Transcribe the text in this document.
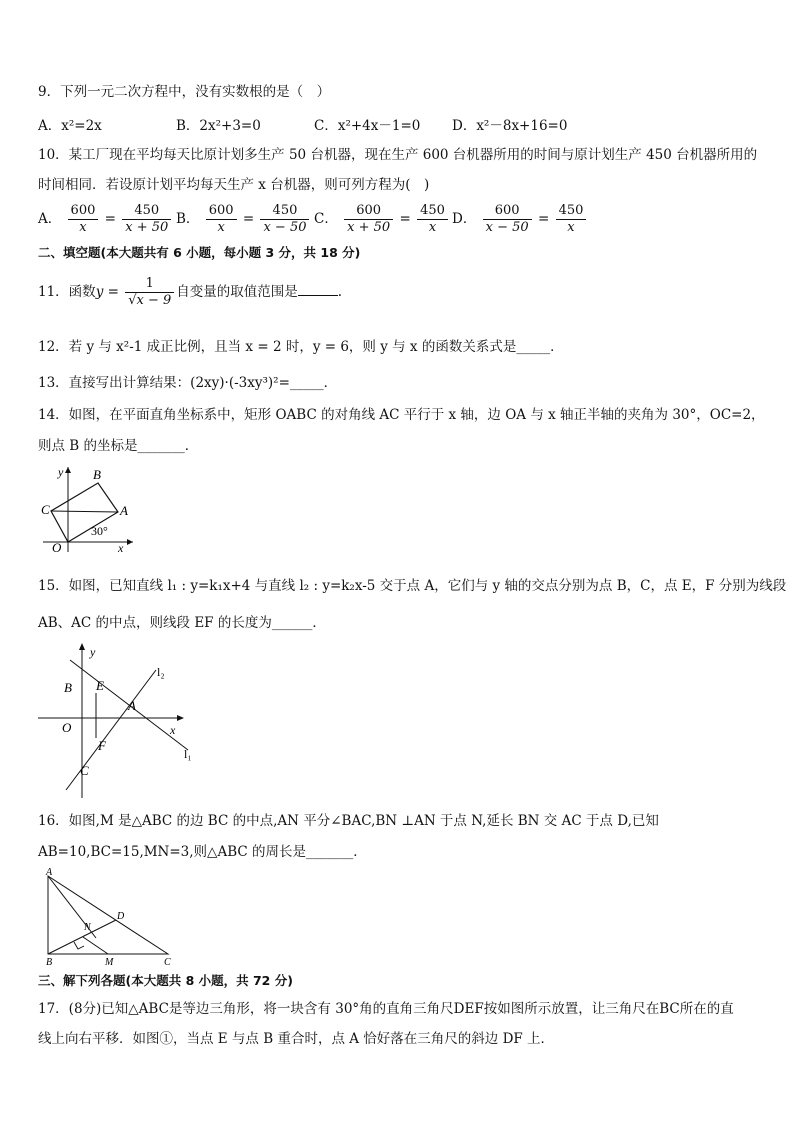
9．下列一元二次方程中，没有实数根的是（　）
A．x²=2x	B．2x²+3=0	C．x²+4x－1=0 D．x²－8x+16=0
10．某工厂现在平均每天比原计划多生产 50 台机器，现在生产 600 台机器所用的时间与原计划生产 450 台机器所用的
时间相同．若设原计划平均每天生产 x 台机器，则可列方程为(　)
A． $\frac{600}{x} = \frac{450}{x + 50}$ B． $\frac{600}{x} = \frac{450}{x - 50}$ C． $\frac{600}{x + 50} = \frac{450}{x}$ D． $\frac{600}{x - 50} = \frac{450}{x}$
二、填空题(本大题共有 6 小题，每小题 3 分，共 18 分)
11．函数$y = \frac{1}{√x - 9}$ 自变量的取值范围是	.
12．若 y 与 x²-1 成正比例，且当 x = 2 时，y = 6，则 y 与 x 的函数关系式是_____．
13．直接写出计算结果：(2xy)·(-3xy³)²=_____．
14．如图，在平面直角坐标系中，矩形 OABC 的对角线 AC 平行于 x 轴，边 OA 与 x 轴正半轴的夹角为 30°，OC=2，
则点 B 的坐标是_______．
y B
C	A
O	x
30°
15．如图，已知直线 l₁ : y=k₁x+4 与直线 l₂ : y=k₂x-5 交于点 A，它们与 y 轴的交点分别为点 B，C，点 E，F 分别为线段
AB、AC 的中点，则线段 EF 的长度为______．
y
l₂
B E
A
O	x
F
l₁
C
16．如图,M 是△ABC 的边 BC 的中点,AN 平分∠BAC,BN ⊥AN 于点 N,延长 BN 交 AC 于点 D,已知
AB=10,BC=15,MN=3,则△ABC 的周长是_______．
A
D
N
B	M	C
三、解下列各题(本大题共 8 小题，共 72 分)
17．(8分)已知△ABC是等边三角形，将一块含有 30°角的直角三角尺DEF按如图所示放置，让三角尺在BC所在的直
线上向右平移．如图①，当点 E 与点 B 重合时，点 A 恰好落在三角尺的斜边 DF 上．
